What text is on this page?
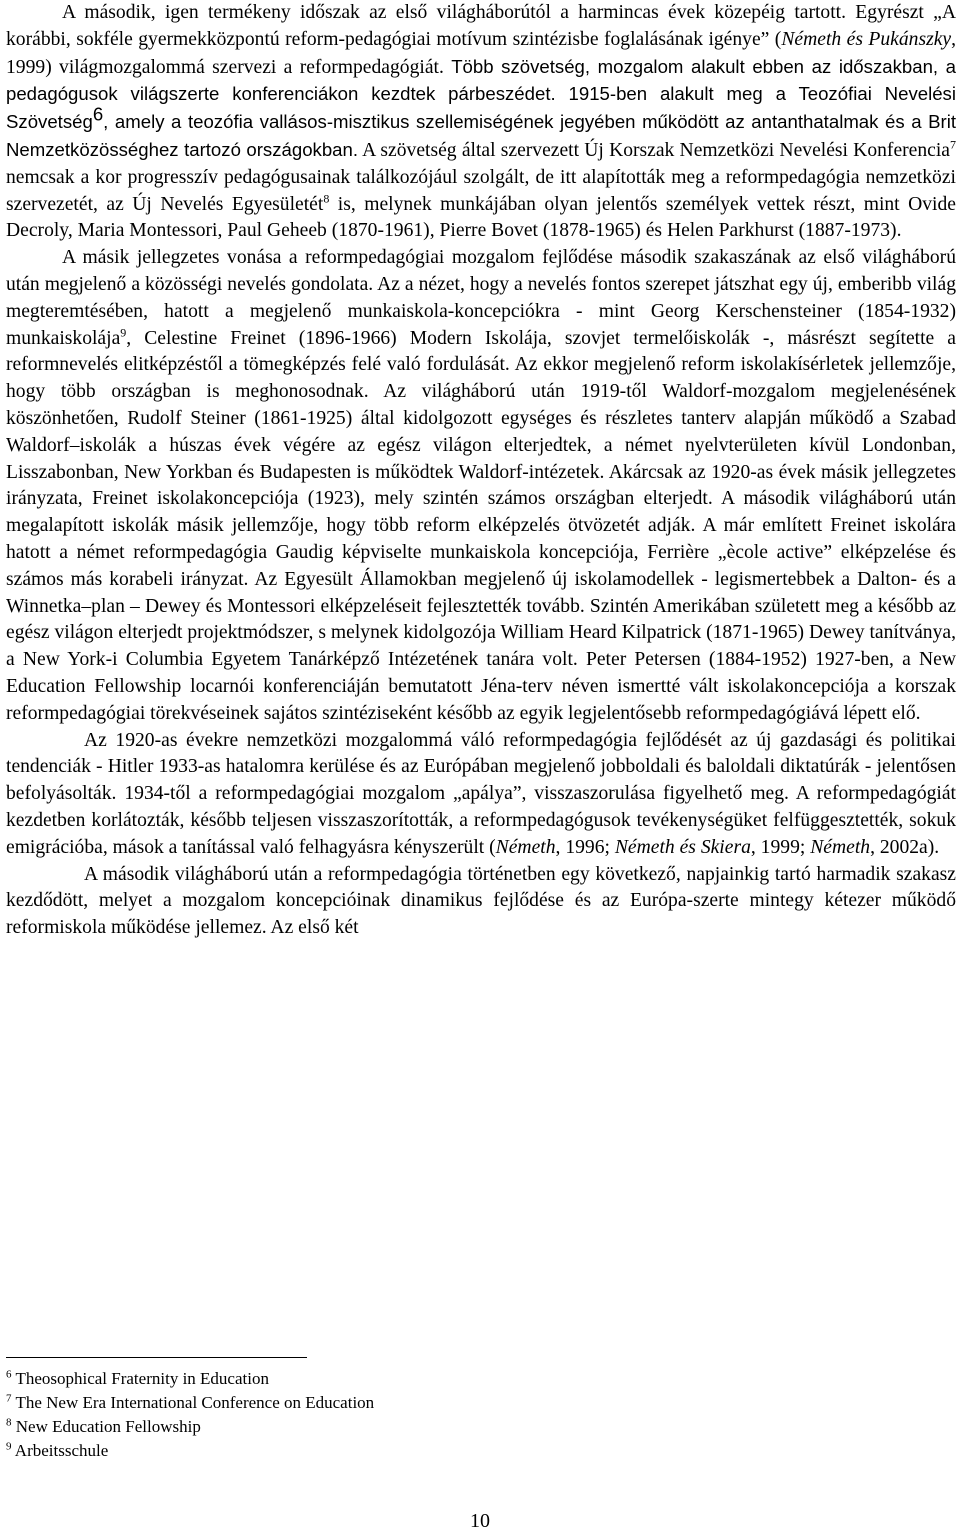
A második, igen termékeny időszak az első világháborútól a harmincas évek közepéig tartott. Egyrészt „A korábbi, sokféle gyermekközpontú reform-pedagógiai motívum szintézisbe foglalásának igénye” (Németh és Pukánszky, 1999) világmozgalommá szervezi a reformpedagógiát. Több szövetség, mozgalom alakult ebben az időszakban, a pedagógusok világszerte konferenciákon kezdtek párbeszédet. 1915-ben alakult meg a Teozófiai Nevelési Szövetség$^6$, amely a teozófia vallásos-misztikus szellemiségének jegyében működött az antanthatalmak és a Brit Nemzetközösséghez tartozó országokban. A szövetség által szervezett Új Korszak Nemzetközi Nevelési Konferencia$^7$ nemcsak a kor progresszív pedagógusainak találkozójául szolgált, de itt alapították meg a reformpedagógia nemzetközi szervezetét, az Új Nevelés Egyesületét$^8$ is, melynek munkájában olyan jelentős személyek vettek részt, mint Ovide Decroly, Maria Montessori, Paul Geheeb (1870-1961), Pierre Bovet (1878-1965) és Helen Parkhurst (1887-1973).

A másik jellegzetes vonása a reformpedagógiai mozgalom fejlődése második szakaszának az első világháború után megjelenő a közösségi nevelés gondolata. Az a nézet, hogy a nevelés fontos szerepet játszhat egy új, emberibb világ megteremtésében, hatott a megjelenő munkaiskola-koncepciókra - mint Georg Kerschensteiner (1854-1932) munkaiskolája$^9$, Celestine Freinet (1896-1966) Modern Iskolája, szovjet termelőiskolák -, másrészt segítette a reformnevelés elitképzéstől a tömegképzés felé való fordulását. Az ekkor megjelenő reform iskolakísérletek jellemzője, hogy több országban is meghonosodnak. Az világháború után 1919-től Waldorf-mozgalom megjelenésének köszönhetően, Rudolf Steiner (1861-1925) által kidolgozott egységes és részletes tanterv alapján működő a Szabad Waldorf–iskolák a húszas évek végére az egész világon elterjedtek, a német nyelvterületen kívül Londonban, Lisszabonban, New Yorkban és Budapesten is működtek Waldorf-intézetek. Akárcsak az 1920-as évek másik jellegzetes irányzata, Freinet iskolakoncepciója (1923), mely szintén számos országban elterjedt. A második világháború után megalapított iskolák másik jellemzője, hogy több reform elképzelés ötvözetét adják. A már említett Freinet iskolára hatott a német reformpedagógia Gaudig képviselte munkaiskola koncepciója, Ferrière „ècole active” elképzelése és számos más korabeli irányzat. Az Egyesült Államokban megjelenő új iskolamodellek - legismertebbek a Dalton- és a Winnetka–plan – Dewey és Montessori elképzeléseit fejlesztették tovább. Szintén Amerikában született meg a később az egész világon elterjedt projektmódszer, s melynek kidolgozója William Heard Kilpatrick (1871-1965) Dewey tanítványa, a New York-i Columbia Egyetem Tanárképző Intézetének tanára volt. Peter Petersen (1884-1952) 1927-ben, a New Education Fellowship locarnói konferenciáján bemutatott Jéna-terv néven ismertté vált iskolakoncepciója a korszak reformpedagógiai törekvéseinek sajátos szintéziseként később az egyik legjelentősebb reformpedagógiává lépett elő.

Az 1920-as évekre nemzetközi mozgalommá váló reformpedagógia fejlődését az új gazdasági és politikai tendenciák - Hitler 1933-as hatalomra kerülése és az Európában megjelenő jobboldali és baloldali diktatúrák - jelentősen befolyásolták. 1934-től a reformpedagógiai mozgalom „apálya”, visszaszorulása figyelhető meg. A reformpedagógiát kezdetben korlátozták, később teljesen visszaszorították, a reformpedagógusok tevékenységüket felfüggesztették, sokuk emigrációba, mások a tanítással való felhagyásra kényszerült (Németh, 1996; Németh és Skiera, 1999; Németh, 2002a).

A második világháború után a reformpedagógia történetben egy következő, napjainkig tartó harmadik szakasz kezdődött, melyet a mozgalom koncepcióinak dinamikus fejlődése és az Európa-szerte mintegy kétezer működő reformiskola működése jellemez. Az első két

$^6$ Theosophical Fraternity in Education

$^7$ The New Era International Conference on Education

$^8$ New Education Fellowship

$^9$ Arbeitsschule

10
